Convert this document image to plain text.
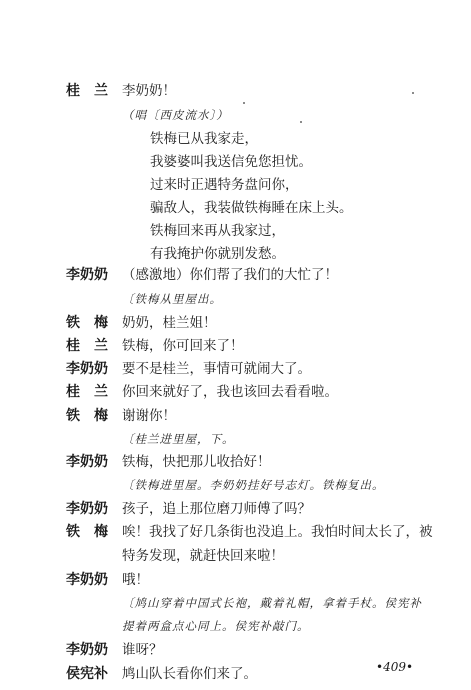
桂　兰	李奶奶！
（唱〔西皮流水〕）
铁梅已从我家走，
我婆婆叫我送信免您担忧。
过来时正遇特务盘问你，
骗敌人，我装做铁梅睡在床上头。
铁梅回来再从我家过，
有我掩护你就别发愁。
李奶奶	（感激地）你们帮了我们的大忙了！
〔铁梅从里屋出。
铁　梅	奶奶，桂兰姐！
桂　兰	铁梅，你可回来了！
李奶奶	要不是桂兰，事情可就闹大了。
桂　兰	你回来就好了，我也该回去看看啦。
铁　梅	谢谢你！
〔桂兰进里屋，下。
李奶奶	铁梅，快把那儿收拾好！
〔铁梅进里屋。李奶奶挂好号志灯。铁梅复出。
李奶奶	孩子，追上那位磨刀师傅了吗？
铁　梅	唉！我找了好几条街也没追上。我怕时间太长了，被
特务发现，就赶快回来啦！
李奶奶	哦！
〔鸠山穿着中国式长袍，戴着礼帽，拿着手杖。侯宪补
提着两盒点心同上。侯宪补敲门。
李奶奶	谁呀？
侯宪补	鸠山队长看你们来了。	•409•
